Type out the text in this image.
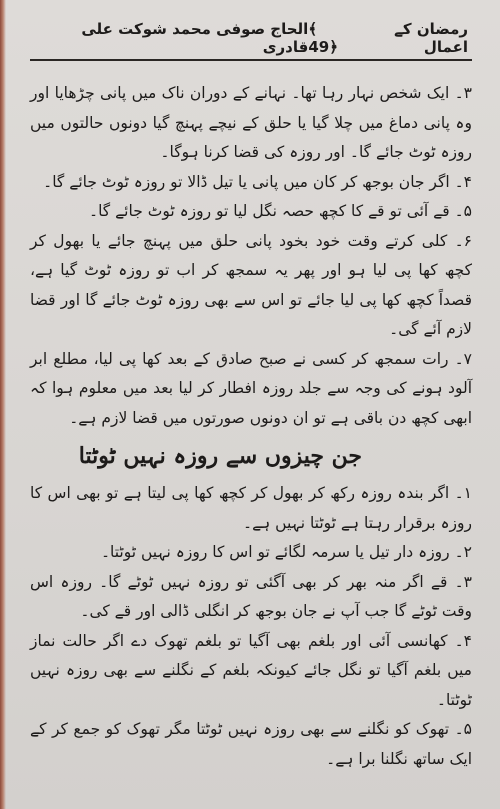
رمضان کے اعمال
﴾49﴿
الحاج صوفی محمد شوکت علی قادری

۳۔ ایک شخص نہار رہا تھا۔ نہانے کے دوران ناک میں پانی چڑھایا اور وہ پانی دماغ میں چلا گیا یا حلق کے نیچے پہنچ گیا دونوں حالتوں میں روزہ ٹوٹ جائے گا۔ اور روزہ کی قضا کرنا ہوگا۔

۴۔ اگر جان بوجھ کر کان میں پانی یا تیل ڈالا تو روزہ ٹوٹ جائے گا۔

۵۔ قے آئی تو قے کا کچھ حصہ نگل لیا تو روزہ ٹوٹ جائے گا۔

۶۔ کلی کرتے وقت خود بخود پانی حلق میں پہنچ جائے یا بھول کر کچھ کھا پی لیا ہو اور پھر یہ سمجھ کر اب تو روزہ ٹوٹ گیا ہے، قصداً کچھ کھا پی لیا جائے تو اس سے بھی روزہ ٹوٹ جائے گا اور قضا لازم آئے گی۔

۷۔ رات سمجھ کر کسی نے صبح صادق کے بعد کھا پی لیا، مطلع ابر آلود ہونے کی وجہ سے جلد روزہ افطار کر لیا بعد میں معلوم ہوا کہ ابھی کچھ دن باقی ہے تو ان دونوں صورتوں میں قضا لازم ہے۔

جن چیزوں سے روزہ نہیں ٹوٹتا

۱۔ اگر بندہ روزہ رکھ کر بھول کر کچھ کھا پی لیتا ہے تو بھی اس کا روزہ برقرار رہتا ہے ٹوٹتا نہیں ہے۔

۲۔ روزہ دار تیل یا سرمہ لگائے تو اس کا روزہ نہیں ٹوٹتا۔

۳۔ قے اگر منہ بھر کر بھی آگئی تو روزہ نہیں ٹوٹے گا۔ روزہ اس وقت ٹوٹے گا جب آپ نے جان بوجھ کر انگلی ڈالی اور قے کی۔

۴۔ کھانسی آئی اور بلغم بھی آگیا تو بلغم تھوک دے اگر حالت نماز میں بلغم آگیا تو نگل جائے کیونکہ بلغم کے نگلنے سے بھی روزہ نہیں ٹوٹتا۔

۵۔ تھوک کو نگلنے سے بھی روزہ نہیں ٹوٹتا مگر تھوک کو جمع کر کے ایک ساتھ نگلنا برا ہے۔
